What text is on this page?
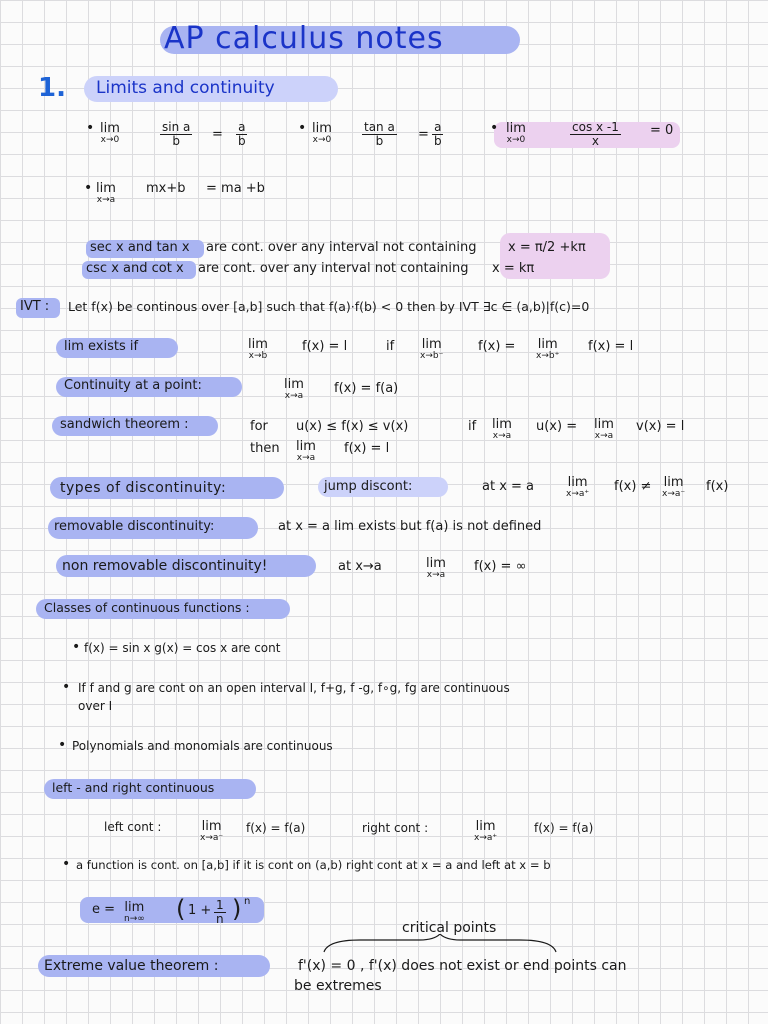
AP calculus notes
1. Limits and continuity
• lim
x→0	$\frac{\text{sin a}}{b} = \frac{a}{b}$	• lim
x→0	$\frac{\text{tan a}}{b} = \frac{a}{b}$	• lim
x→0	$\frac{\text{cos x -1}}{x} = 0$
• lim
x→a
mx+b = ma +b
sec x and tan x are cont. over any interval not containing x = π/2 +kπ
csc x and cot x are cont. over any interval not containing x = kπ
IVT : Let f(x) be continous over [a,b] such that f(a)·f(b) < 0 then by IVT ∃c ∈ (a,b)|f(c)=0
lim exists if	lim
x→b
f(x) = l	if lim
x→b⁻
f(x) = lim
x→b⁺
f(x) = l
Continuity at a point:	lim
x→a f(x) = f(a)
sandwich theorem :	for u(x) ≤ f(x) ≤ v(x)	if lim
x→a
u(x) = lim
x→a
v(x) = l
then lim
x→a
f(x) = l
types of discontinuity:	jump discont:	at x = a	lim
x→a⁺ f(x) ≠ lim
x→a⁻ f(x)
removable discontinuity:	at x = a lim exists but f(a) is not defined
non removable discontinuity!	at x→a	lim
x→a
f(x) = ∞
Classes of continuous functions :
• f(x) = sin x g(x) = cos x are cont
• If f and g are cont on an open interval I, f+g, f -g, f∘g, fg are continuous
over I
• Polynomials and monomials are continuous
left - and right continuous
left cont :	lim
x→a⁻
f(x) = f(a)	right cont :	lim
x→a⁺
f(x) = f(a)
• a function is cont. on [a,b] if it is cont on (a,b) right cont at x = a and left at x = b
e = lim
n→∞ ( $1 + \frac{1}{n}$ ) n
critical points
Extreme value theorem :	f'(x) = 0 , f'(x) does not exist or end points can
be extremes
